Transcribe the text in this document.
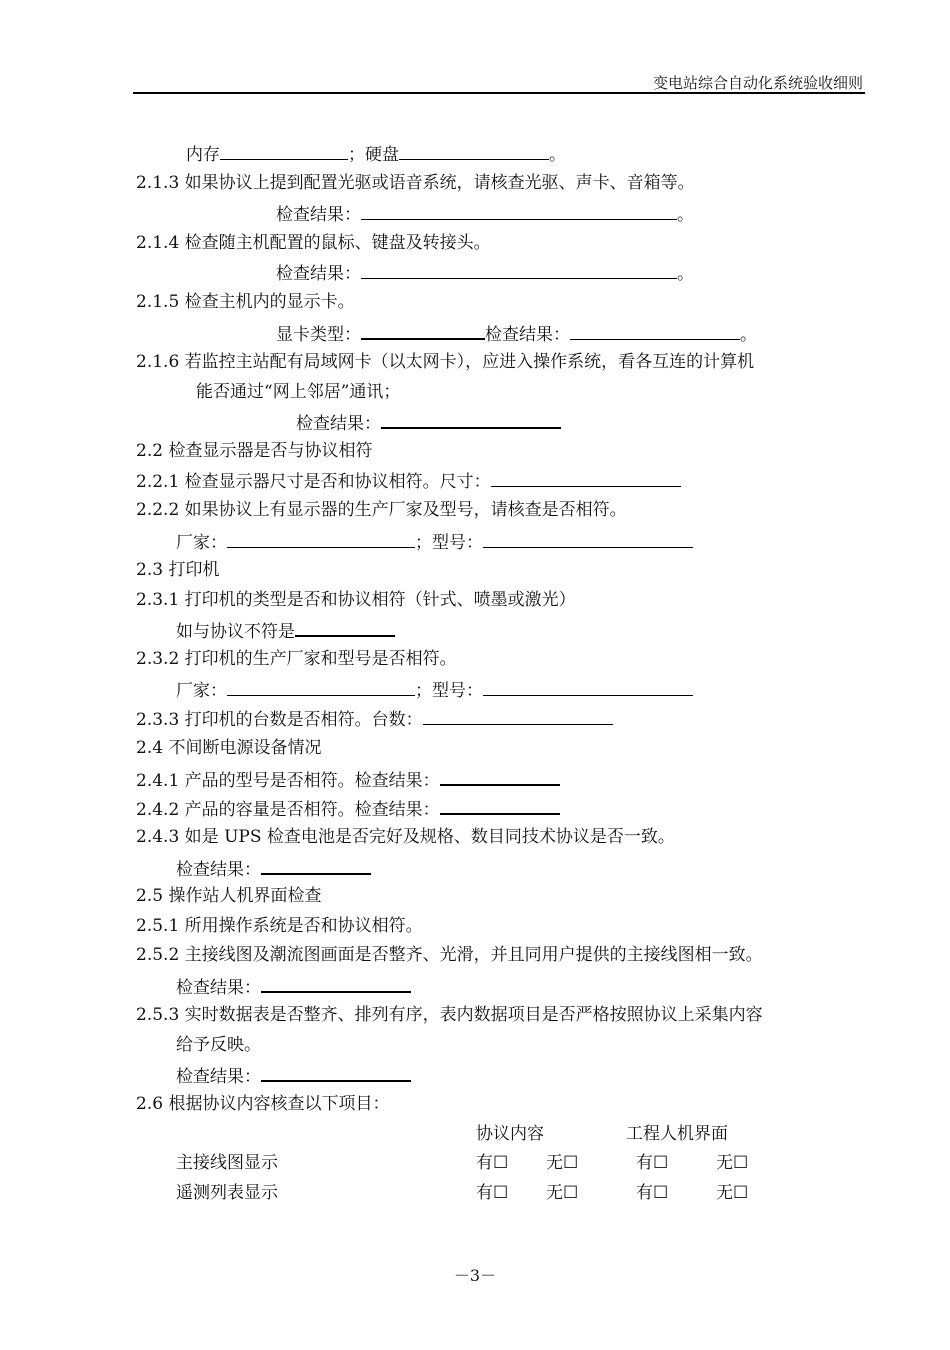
变电站综合自动化系统验收细则
内存	；硬盘	。
2.1.3 如果协议上提到配置光驱或语音系统，请核查光驱、声卡、音箱等。
检查结果：	。
2.1.4 检查随主机配置的鼠标、键盘及转接头。
检查结果：	。
2.1.5 检查主机内的显示卡。
显卡类型：	检查结果：	。
2.1.6 若监控主站配有局域网卡（以太网卡），应进入操作系统，看各互连的计算机
能否通过“网上邻居”通讯；
检查结果：
2.2 检查显示器是否与协议相符
2.2.1 检查显示器尺寸是否和协议相符。尺寸：
2.2.2 如果协议上有显示器的生产厂家及型号，请核查是否相符。
厂家：	；型号：
2.3 打印机
2.3.1 打印机的类型是否和协议相符（针式、喷墨或激光）
如与协议不符是
2.3.2 打印机的生产厂家和型号是否相符。
厂家：	；型号：
2.3.3 打印机的台数是否相符。台数：
2.4 不间断电源设备情况
2.4.1 产品的型号是否相符。检查结果：
2.4.2 产品的容量是否相符。检查结果：
2.4.3 如是 UPS 检查电池是否完好及规格、数目同技术协议是否一致。
检查结果：
2.5 操作站人机界面检查
2.5.1 所用操作系统是否和协议相符。
2.5.2 主接线图及潮流图画面是否整齐、光滑，并且同用户提供的主接线图相一致。
检查结果：
2.5.3 实时数据表是否整齐、排列有序，表内数据项目是否严格按照协议上采集内容
给予反映。
检查结果：
2.6 根据协议内容核查以下项目：
协议内容	工程人机界面
主接线图显示	有☐ 无☐	有☐	无☐
遥测列表显示	有☐ 无☐	有☐	无☐
－3－
